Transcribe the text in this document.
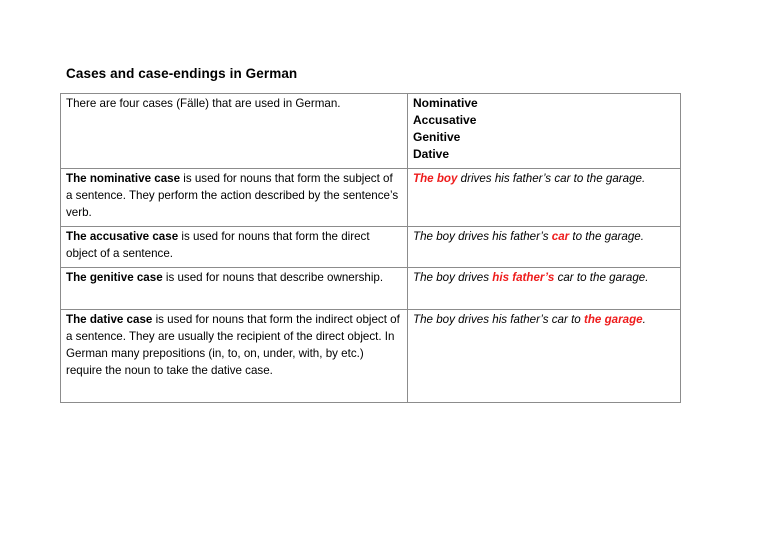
Cases and case-endings in German
There are four cases (Fälle) that are used in German.	Nominative
Accusative
Genitive
Dative

The nominative case is used for nouns that form the subject of a sentence. They perform the action described by the sentence’s verb.	The boy drives his father’s car to the garage.
The accusative case is used for nouns that form the direct object of a sentence.	The boy drives his father’s car to the garage.
The genitive case is used for nouns that describe ownership.	The boy drives his father’s car to the garage.
The dative case is used for nouns that form the indirect object of a sentence. They are usually the recipient of the direct object. In German many prepositions (in, to, on, under, with, by etc.) require the noun to take the dative case.	The boy drives his father’s car to the garage.
